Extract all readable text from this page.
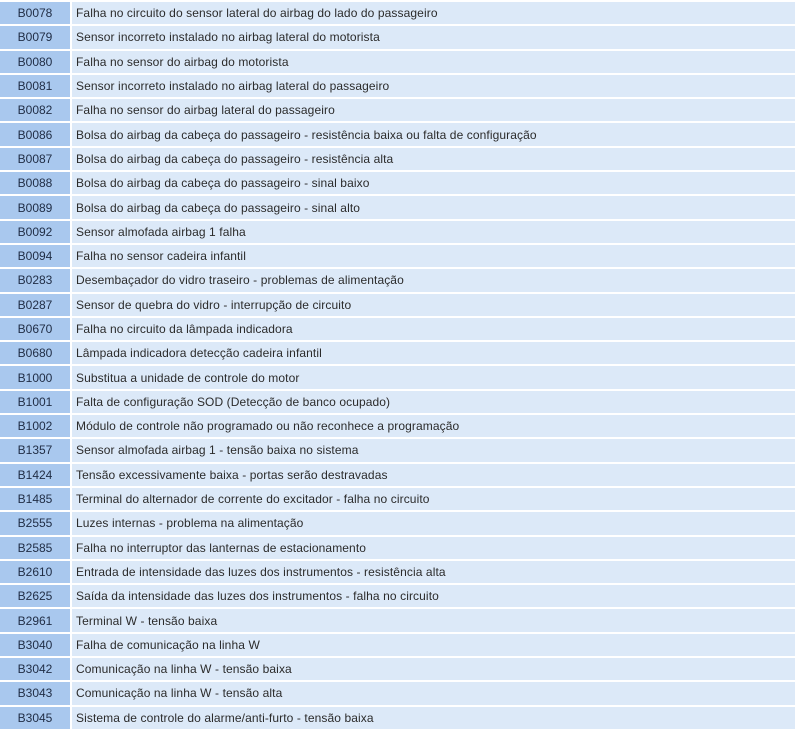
B0078	Falha no circuito do sensor lateral do airbag do lado do passageiro
B0079	Sensor incorreto instalado no airbag lateral do motorista
B0080	Falha no sensor do airbag do motorista
B0081	Sensor incorreto instalado no airbag lateral do passageiro
B0082	Falha no sensor do airbag lateral do passageiro
B0086	Bolsa do airbag da cabeça do passageiro - resistência baixa ou falta de configuração
B0087	Bolsa do airbag da cabeça do passageiro - resistência alta
B0088	Bolsa do airbag da cabeça do passageiro - sinal baixo
B0089	Bolsa do airbag da cabeça do passageiro - sinal alto
B0092	Sensor almofada airbag 1 falha
B0094	Falha no sensor cadeira infantil
B0283	Desembaçador do vidro traseiro - problemas de alimentação
B0287	Sensor de quebra do vidro - interrupção de circuito
B0670	Falha no circuito da lâmpada indicadora
B0680	Lâmpada indicadora detecção cadeira infantil
B1000	Substitua a unidade de controle do motor
B1001	Falta de configuração SOD (Detecção de banco ocupado)
B1002	Módulo de controle não programado ou não reconhece a programação
B1357	Sensor almofada airbag 1 - tensão baixa no sistema
B1424	Tensão excessivamente baixa - portas serão destravadas
B1485	Terminal do alternador de corrente do excitador - falha no circuito
B2555	Luzes internas - problema na alimentação
B2585	Falha no interruptor das lanternas de estacionamento
B2610	Entrada de intensidade das luzes dos instrumentos - resistência alta
B2625	Saída da intensidade das luzes dos instrumentos - falha no circuito
B2961	Terminal W - tensão baixa
B3040	Falha de comunicação na linha W
B3042	Comunicação na linha W - tensão baixa
B3043	Comunicação na linha W - tensão alta
B3045	Sistema de controle do alarme/anti-furto - tensão baixa
